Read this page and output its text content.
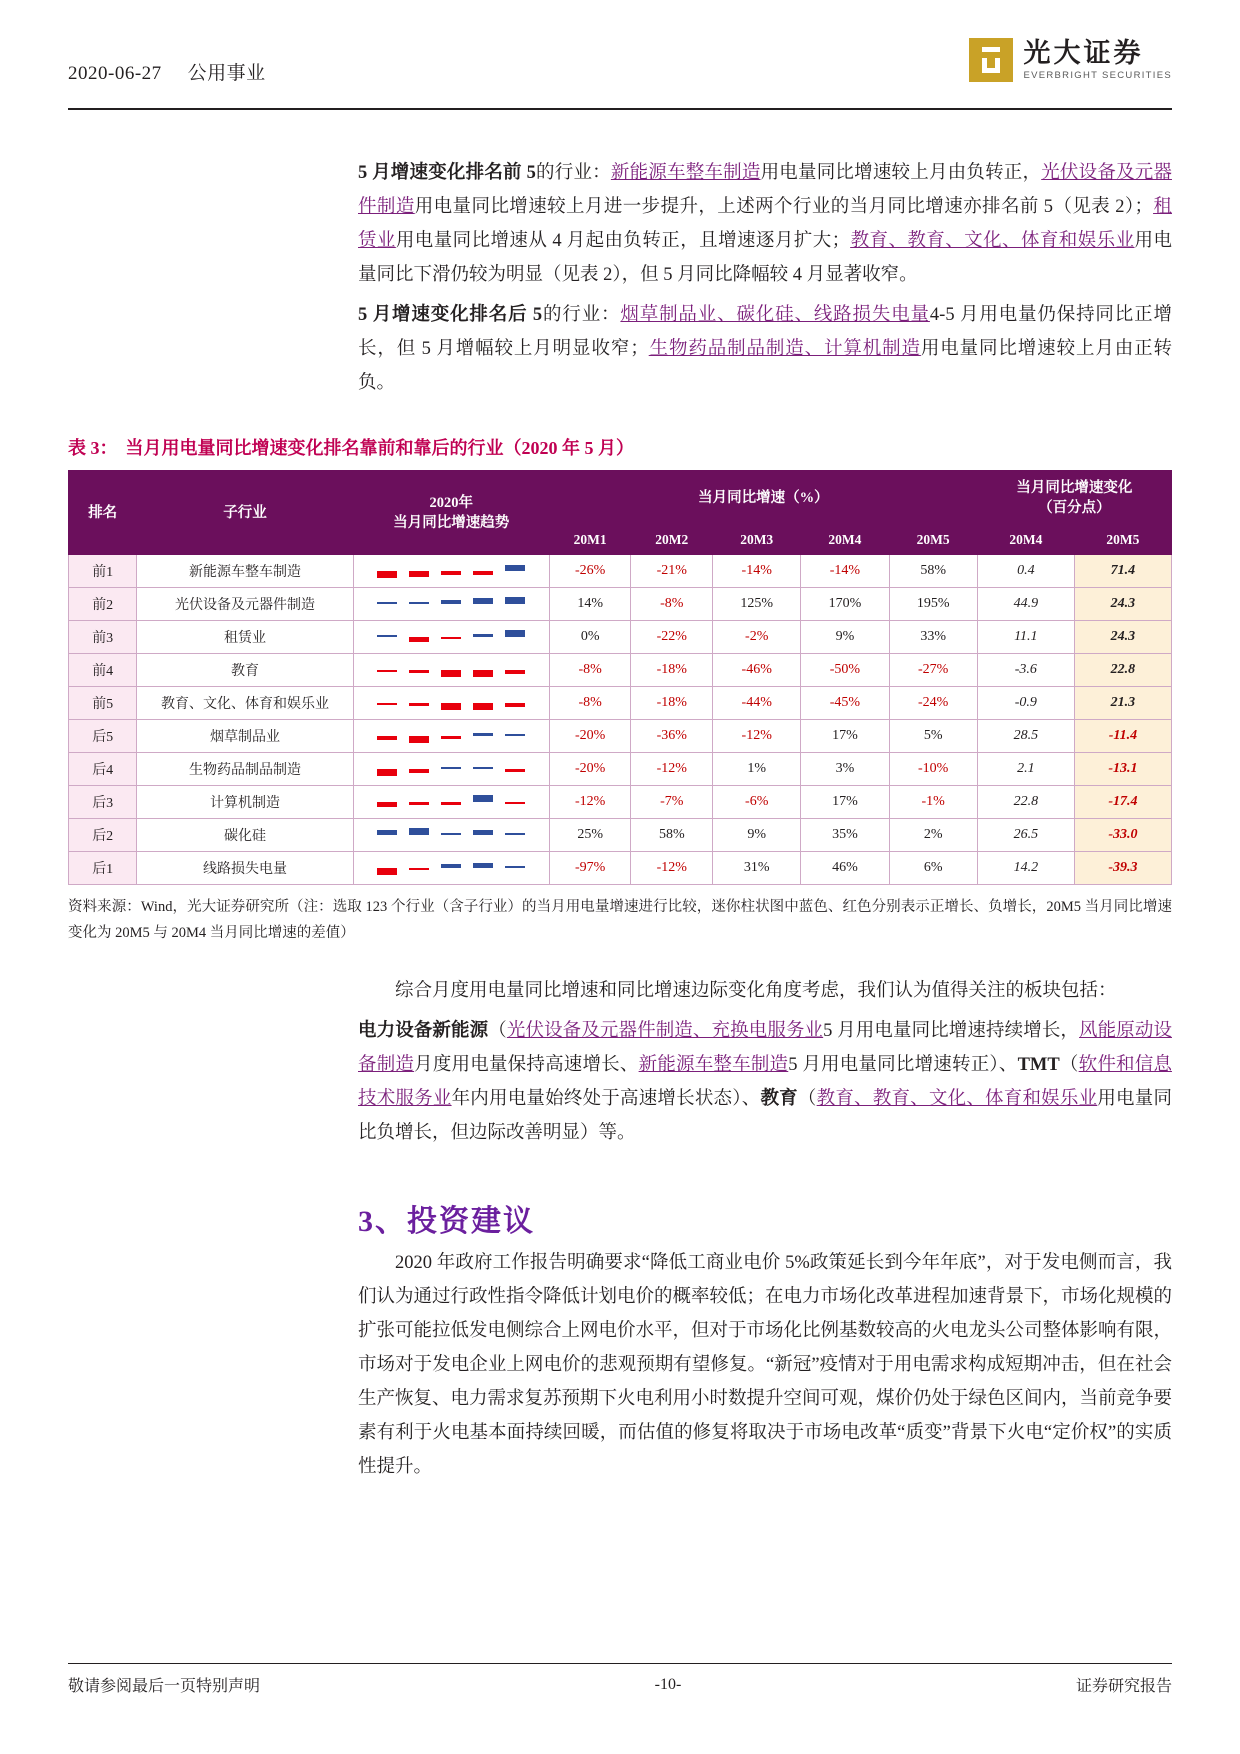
2020-06-27 公用事业
光大证券
EVERBRIGHT SECURITIES

5 月增速变化排名前 5的行业：新能源车整车制造用电量同比增速较上月由负转正，光伏设备及元器件制造用电量同比增速较上月进一步提升，上述两个行业的当月同比增速亦排名前 5（见表 2）；租赁业用电量同比增速从 4 月起由负转正，且增速逐月扩大；教育、教育、文化、体育和娱乐业用电量同比下滑仍较为明显（见表 2），但 5 月同比降幅较 4 月显著收窄。

5 月增速变化排名后 5的行业：烟草制品业、碳化硅、线路损失电量4-5 月用电量仍保持同比正增长，但 5 月增幅较上月明显收窄；生物药品制品制造、计算机制造用电量同比增速较上月由正转负。

表 3： 当月用电量同比增速变化排名靠前和靠后的行业（2020 年 5 月）
排名	子行业	
2020年
当月同比增速趋势
	当月同比增速（%）	
当月同比增速变化
（百分点）

			20M1	20M2	20M3	20M4	20M5	20M4	20M5
前1	新能源车整车制造		-26%	-21%	-14%	-14%	58%	0.4	71.4
前2	光伏设备及元器件制造		14%	-8%	125%	170%	195%	44.9	24.3
前3	租赁业		0%	-22%	-2%	9%	33%	11.1	24.3
前4	教育		-8%	-18%	-46%	-50%	-27%	-3.6	22.8
前5	教育、文化、体育和娱乐业		-8%	-18%	-44%	-45%	-24%	-0.9	21.3
后5	烟草制品业		-20%	-36%	-12%	17%	5%	28.5	-11.4
后4	生物药品制品制造		-20%	-12%	1%	3%	-10%	2.1	-13.1
后3	计算机制造		-12%	-7%	-6%	17%	-1%	22.8	-17.4
后2	碳化硅		25%	58%	9%	35%	2%	26.5	-33.0
后1	线路损失电量		-97%	-12%	31%	46%	6%	14.2	-39.3
资料来源：Wind，光大证券研究所（注：选取 123 个行业（含子行业）的当月用电量增速进行比较，迷你柱状图中蓝色、红色分别表示正增长、负增长，20M5 当月同比增速变化为 20M5 与 20M4 当月同比增速的差值）

综合月度用电量同比增速和同比增速边际变化角度考虑，我们认为值得关注的板块包括：

电力设备新能源（光伏设备及元器件制造、充换电服务业5 月用电量同比增速持续增长，风能原动设备制造月度用电量保持高速增长、新能源车整车制造5 月用电量同比增速转正）、TMT（软件和信息技术服务业年内用电量始终处于高速增长状态）、教育（教育、教育、文化、体育和娱乐业用电量同比负增长，但边际改善明显）等。

3、投资建议

2020 年政府工作报告明确要求“降低工商业电价 5%政策延长到今年年底”，对于发电侧而言，我们认为通过行政性指令降低计划电价的概率较低；在电力市场化改革进程加速背景下，市场化规模的扩张可能拉低发电侧综合上网电价水平，但对于市场化比例基数较高的火电龙头公司整体影响有限，市场对于发电企业上网电价的悲观预期有望修复。“新冠”疫情对于用电需求构成短期冲击，但在社会生产恢复、电力需求复苏预期下火电利用小时数提升空间可观，煤价仍处于绿色区间内，当前竞争要素有利于火电基本面持续回暖，而估值的修复将取决于市场电改革“质变”背景下火电“定价权”的实质性提升。

敬请参阅最后一页特别声明	-10-	证券研究报告
